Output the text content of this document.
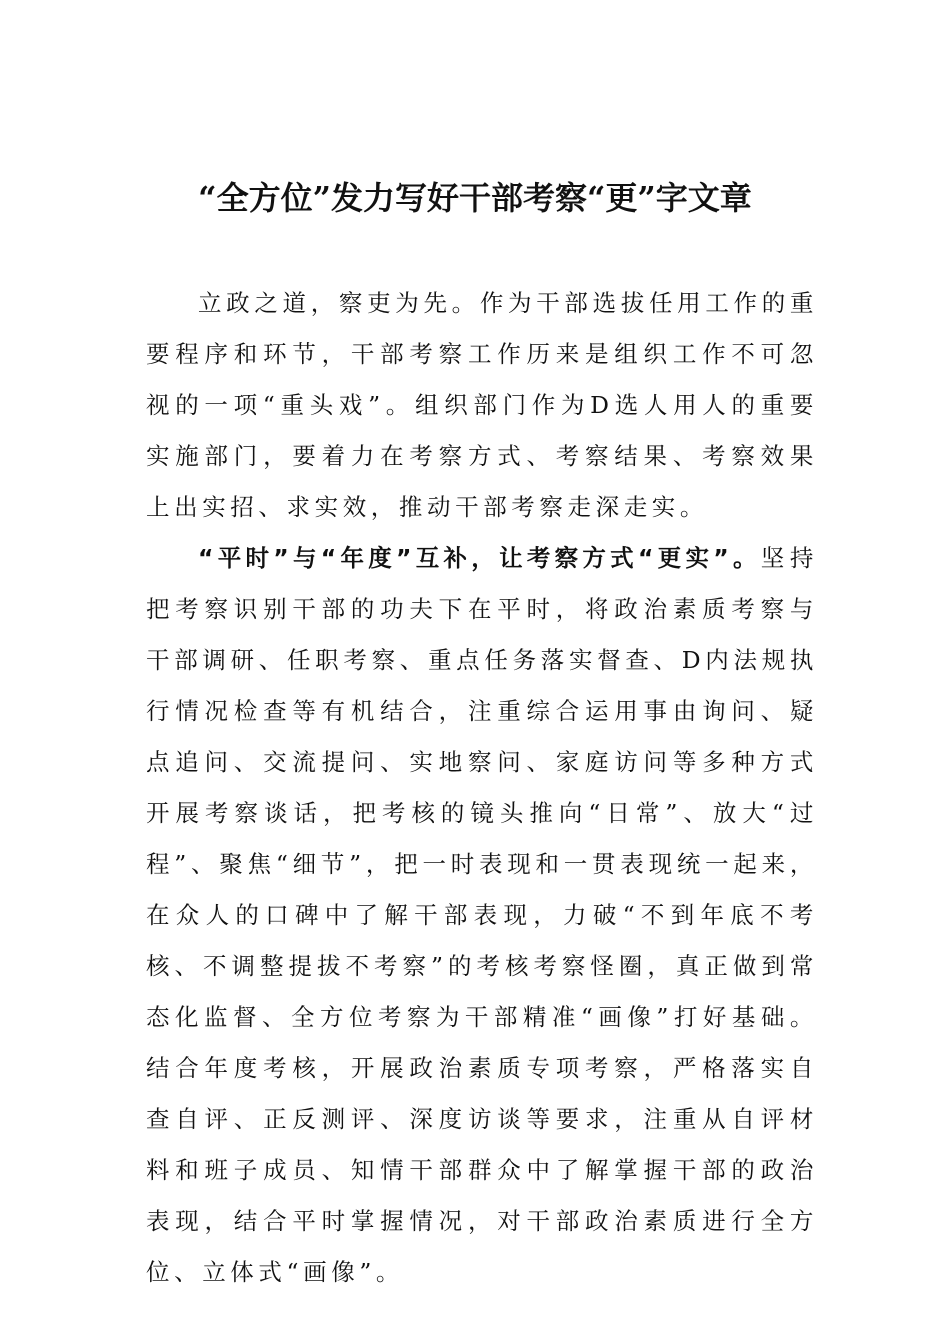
“全方位”发力写好干部考察“更”字文章

立政之道，察吏为先。作为干部选拔任用工作的重要程序和环节，干部考察工作历来是组织工作不可忽视的一项“重头戏”。组织部门作为D选人用人的重要实施部门，要着力在考察方式、考察结果、考察效果上出实招、求实效，推动干部考察走深走实。

“平时”与“年度”互补，让考察方式“更实”。坚持把考察识别干部的功夫下在平时，将政治素质考察与干部调研、任职考察、重点任务落实督查、D内法规执行情况检查等有机结合，注重综合运用事由询问、疑点追问、交流提问、实地察问、家庭访问等多种方式开展考察谈话，把考核的镜头推向“日常”、放大“过程”、聚焦“细节”，把一时表现和一贯表现统一起来，在众人的口碑中了解干部表现，力破“不到年底不考核、不调整提拔不考察”的考核考察怪圈，真正做到常态化监督、全方位考察为干部精准“画像”打好基础。结合年度考核，开展政治素质专项考察，严格落实自查自评、正反测评、深度访谈等要求，注重从自评材料和班子成员、知情干部群众中了解掌握干部的政治表现，结合平时掌握情况，对干部政治素质进行全方位、立体式“画像”。
